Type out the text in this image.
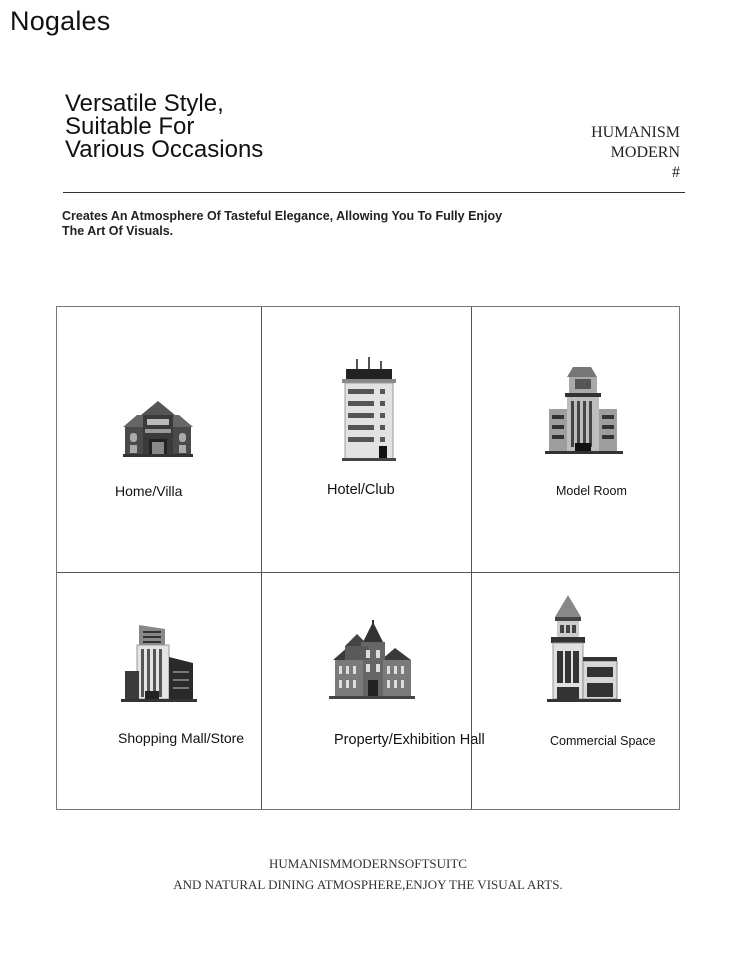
Nogales
Versatile Style,
Suitable For
Various Occasions
HUMANISM
MODERN
#
Creates An Atmosphere Of Tasteful Elegance, Allowing You To Fully Enjoy
The Art Of Visuals.
Home/Villa	Hotel/Club	Model Room
Shopping Mall/Store	Property/Exhibition Hall	Commercial Space
HUMANISMMODERNSOFTSUITC
AND NATURAL DINING ATMOSPHERE,ENJOY THE VISUAL ARTS.
